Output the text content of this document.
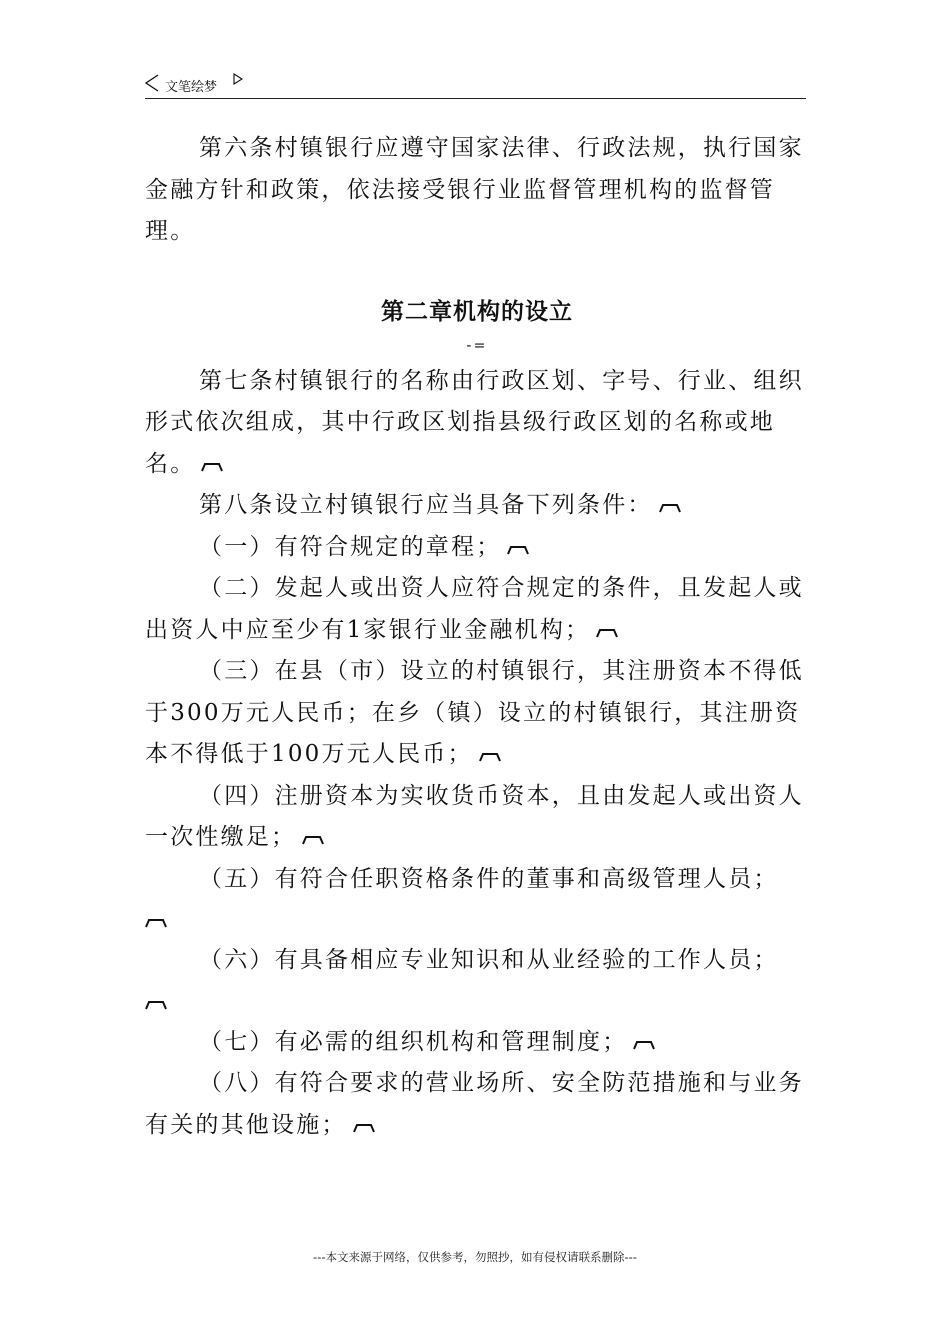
文笔绘梦

第六条村镇银行应遵守国家法律、行政法规，执行国家金融方针和政策，依法接受银行业监督管理机构的监督管理。

第二章机构的设立
-=

第七条村镇银行的名称由行政区划、字号、行业、组织形式依次组成，其中行政区划指县级行政区划的名称或地名。

第八条设立村镇银行应当具备下列条件：

（一）有符合规定的章程；

（二）发起人或出资人应符合规定的条件，且发起人或出资人中应至少有1家银行业金融机构；

（三）在县（市）设立的村镇银行，其注册资本不得低于300万元人民币；在乡（镇）设立的村镇银行，其注册资本不得低于100万元人民币；

（四）注册资本为实收货币资本，且由发起人或出资人一次性缴足；

（五）有符合任职资格条件的董事和高级管理人员；

（六）有具备相应专业知识和从业经验的工作人员；

（七）有必需的组织机构和管理制度；

（八）有符合要求的营业场所、安全防范措施和与业务有关的其他设施；

---本文来源于网络，仅供参考，勿照抄，如有侵权请联系删除---
